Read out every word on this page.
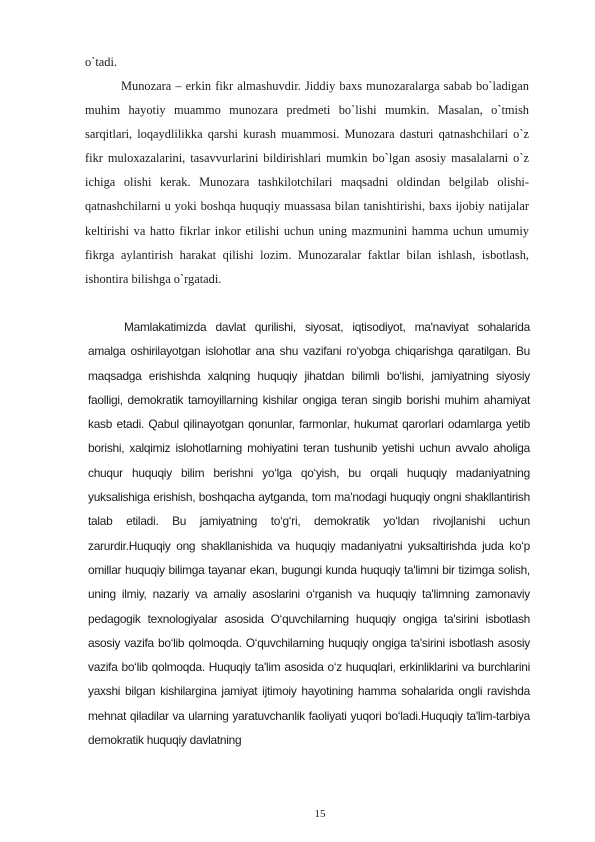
o`tadi.

Munozara – erkin fikr almashuvdir. Jiddiy baxs munozaralarga sabab bo`ladigan muhim hayotiy muammo munozara predmeti bo`lishi mumkin. Masalan, o`tmish sarqitlari, loqaydlilikka qarshi kurash muammosi. Munozara dasturi qatnashchilari o`z fikr muloxazalarini, tasavvurlarini bildirishlari mumkin bo`lgan asosiy masalalarni o`z ichiga olishi kerak. Munozara tashkilotchilari maqsadni oldindan belgilab olishi- qatnashchilarni u yoki boshqa huquqiy muassasa bilan tanishtirishi, baxs ijobiy natijalar keltirishi va hatto fikrlar inkor etilishi uchun uning mazmunini hamma uchun umumiy fikrga aylantirish harakat qilishi lozim. Munozaralar faktlar bilan ishlash, isbotlash, ishontira bilishga o`rgatadi.

Mamlakatimizda davlat qurilishi, siyosat, iqtisodiyot, ma'naviyat sohalarida amalga oshirilayotgan islohotlar ana shu vazifani ro‘yobga chiqarishga qaratilgan. Bu maqsadga erishishda xalqning huquqiy jihatdan bilimli bo‘lishi, jamiyatning siyosiy faolligi, demokratik tamoyillarning kishilar ongiga teran singib borishi muhim ahamiyat kasb etadi. Qabul qilinayotgan qonunlar, farmonlar, hukumat qarorlari odamlarga yetib borishi, xalqimiz islohotlarning mohiyatini teran tushunib yetishi uchun avvalo aholiga chuqur huquqiy bilim berishni yo‘lga qo‘yish, bu orqali huquqiy madaniyatning yuksalishiga erishish, boshqacha aytganda, tom ma'nodagi huquqiy ongni shakllantirish talab etiladi. Bu jamiyatning to‘g‘ri, demokratik yo‘ldan rivojlanishi uchun zarurdir.Huquqiy ong shakllanishida va huquqiy madaniyatni yuksaltirishda juda ko‘p omillar huquqiy bilimga tayanar ekan, bugungi kunda huquqiy ta'limni bir tizimga solish, uning ilmiy, nazariy va amaliy asoslarini o‘rganish va huquqiy ta'limning zamonaviy pedagogik texnologiyalar asosida O‘quvchilarning huquqiy ongiga ta'sirini isbotlash asosiy vazifa bo‘lib qolmoqda. O‘quvchilarning huquqiy ongiga ta'sirini isbotlash asosiy vazifa bo‘lib qolmoqda. Huquqiy ta'lim asosida o‘z huquqlari, erkinliklarini va burchlarini yaxshi bilgan kishilargina jamiyat ijtimoiy hayotining hamma sohalarida ongli ravishda mehnat qiladilar va ularning yaratuvchanlik faoliyati yuqori bo‘ladi.Huquqiy ta'lim-tarbiya demokratik huquqiy davlatning

15
